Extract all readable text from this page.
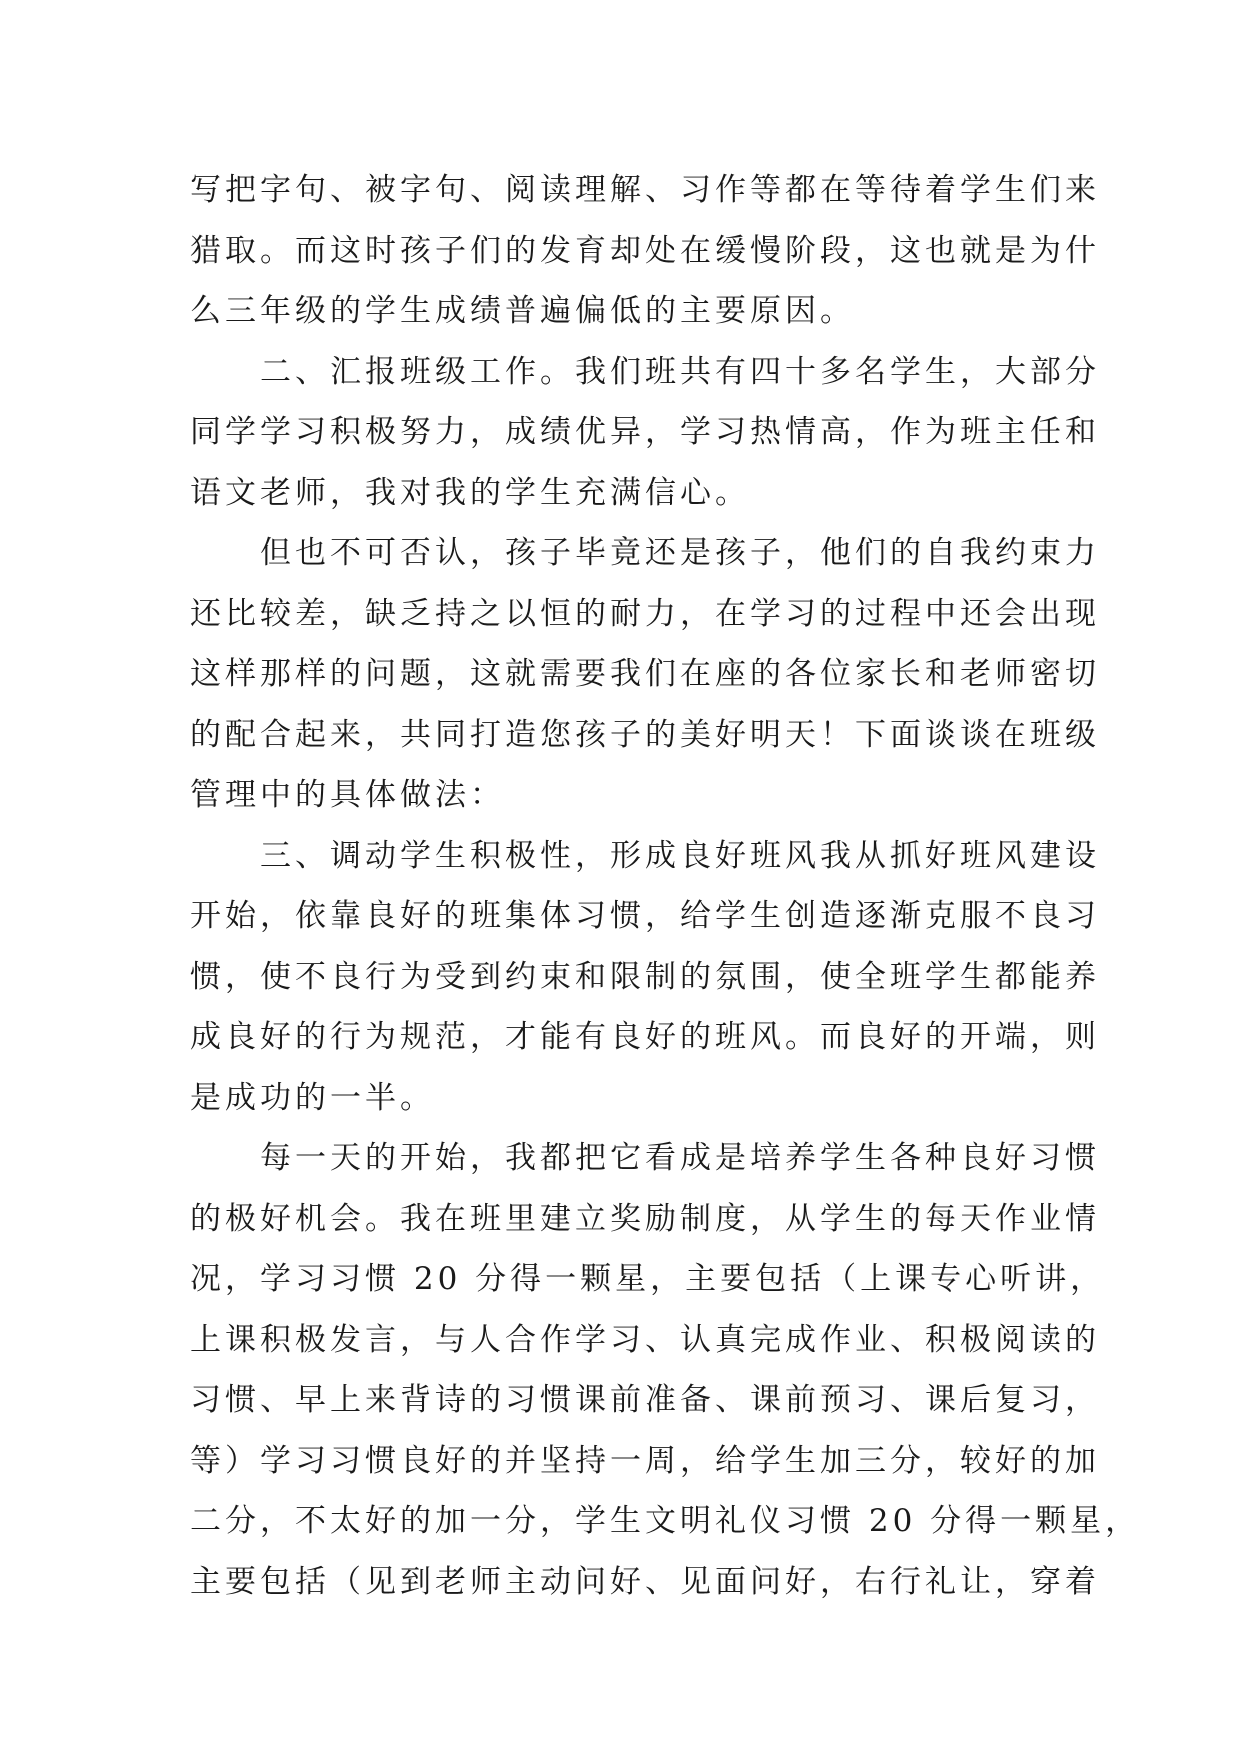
写把字句、被字句、阅读理解、习作等都在等待着学生们来
猎取。而这时孩子们的发育却处在缓慢阶段，这也就是为什
么三年级的学生成绩普遍偏低的主要原因。
二、汇报班级工作。我们班共有四十多名学生，大部分
同学学习积极努力，成绩优异，学习热情高，作为班主任和
语文老师，我对我的学生充满信心。
但也不可否认，孩子毕竟还是孩子，他们的自我约束力
还比较差，缺乏持之以恒的耐力，在学习的过程中还会出现
这样那样的问题，这就需要我们在座的各位家长和老师密切
的配合起来，共同打造您孩子的美好明天！下面谈谈在班级
管理中的具体做法：
三、调动学生积极性，形成良好班风我从抓好班风建设
开始，依靠良好的班集体习惯，给学生创造逐渐克服不良习
惯，使不良行为受到约束和限制的氛围，使全班学生都能养
成良好的行为规范，才能有良好的班风。而良好的开端，则
是成功的一半。
每一天的开始，我都把它看成是培养学生各种良好习惯
的极好机会。我在班里建立奖励制度，从学生的每天作业情
况，学习习惯 20 分得一颗星，主要包括（上课专心听讲，
上课积极发言，与人合作学习、认真完成作业、积极阅读的
习惯、早上来背诗的习惯课前准备、课前预习、课后复习，
等）学习习惯良好的并坚持一周，给学生加三分，较好的加
二分，不太好的加一分，学生文明礼仪习惯 20 分得一颗星，
主要包括（见到老师主动问好、见面问好，右行礼让，穿着
